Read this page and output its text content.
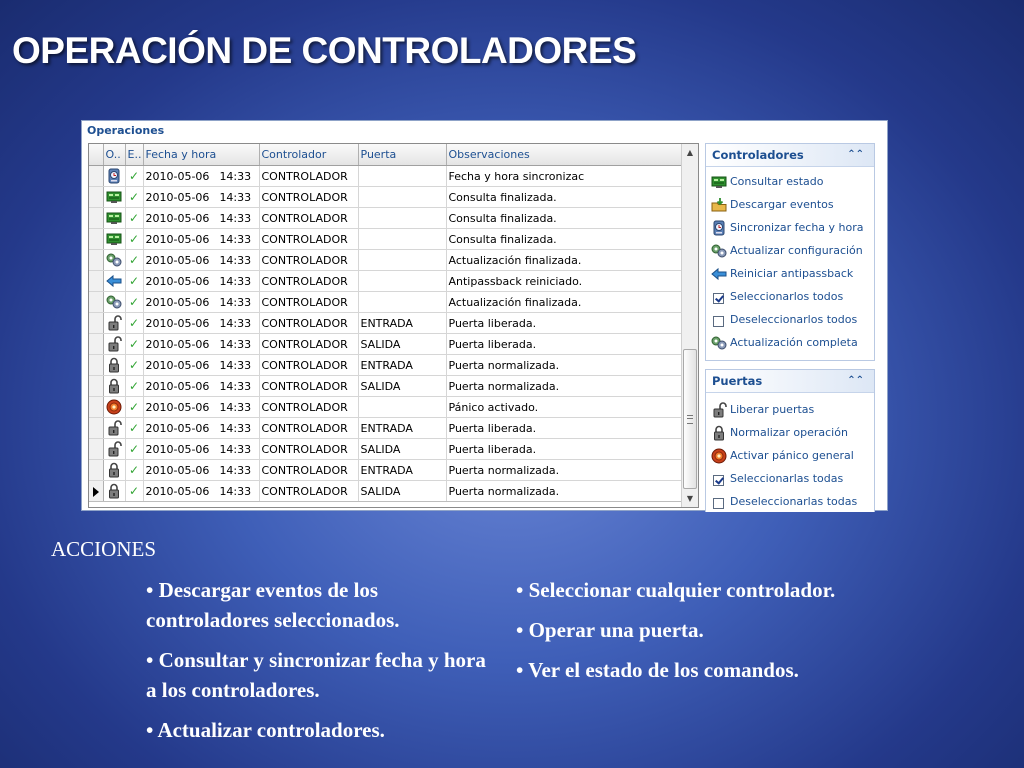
OPERACIÓN DE CONTROLADORES
Operaciones
	O..	E..	Fecha y hora	Controlador	Puerta	Observaciones

	✓	2010-05-06 14:33	CONTROLADOR		Fecha y hora sincronizac

	✓	2010-05-06 14:33	CONTROLADOR		Consulta finalizada.

	✓	2010-05-06 14:33	CONTROLADOR		Consulta finalizada.

	✓	2010-05-06 14:33	CONTROLADOR		Consulta finalizada.

	✓	2010-05-06 14:33	CONTROLADOR		Actualización finalizada.

	✓	2010-05-06 14:33	CONTROLADOR		Antipassback reiniciado.

	✓	2010-05-06 14:33	CONTROLADOR		Actualización finalizada.

	✓	2010-05-06 14:33	CONTROLADOR	ENTRADA	Puerta liberada.

	✓	2010-05-06 14:33	CONTROLADOR	SALIDA	Puerta liberada.

	✓	2010-05-06 14:33	CONTROLADOR	ENTRADA	Puerta normalizada.

	✓	2010-05-06 14:33	CONTROLADOR	SALIDA	Puerta normalizada.

	✓	2010-05-06 14:33	CONTROLADOR		Pánico activado.

	✓	2010-05-06 14:33	CONTROLADOR	ENTRADA	Puerta liberada.

	✓	2010-05-06 14:33	CONTROLADOR	SALIDA	Puerta liberada.

	✓	2010-05-06 14:33	CONTROLADOR	ENTRADA	Puerta normalizada.

	✓	2010-05-06 14:33	CONTROLADOR	SALIDA	Puerta normalizada.
▲
▼
Controladores	⌃⌃
Consultar estado
Descargar eventos
Sincronizar fecha y hora
Actualizar configuración
Reiniciar antipassback
Seleccionarlos todos
Deseleccionarlos todos
Actualización completa
Puertas	⌃⌃
Liberar puertas
Normalizar operación
Activar pánico general
Seleccionarlas todas
Deseleccionarlas todas
ACCIONES
• Descargar eventos de los controladores seleccionados.
• Consultar y sincronizar fecha y hora a los controladores.
• Actualizar controladores.
• Seleccionar cualquier controlador.
• Operar una puerta.
• Ver el estado de los comandos.
